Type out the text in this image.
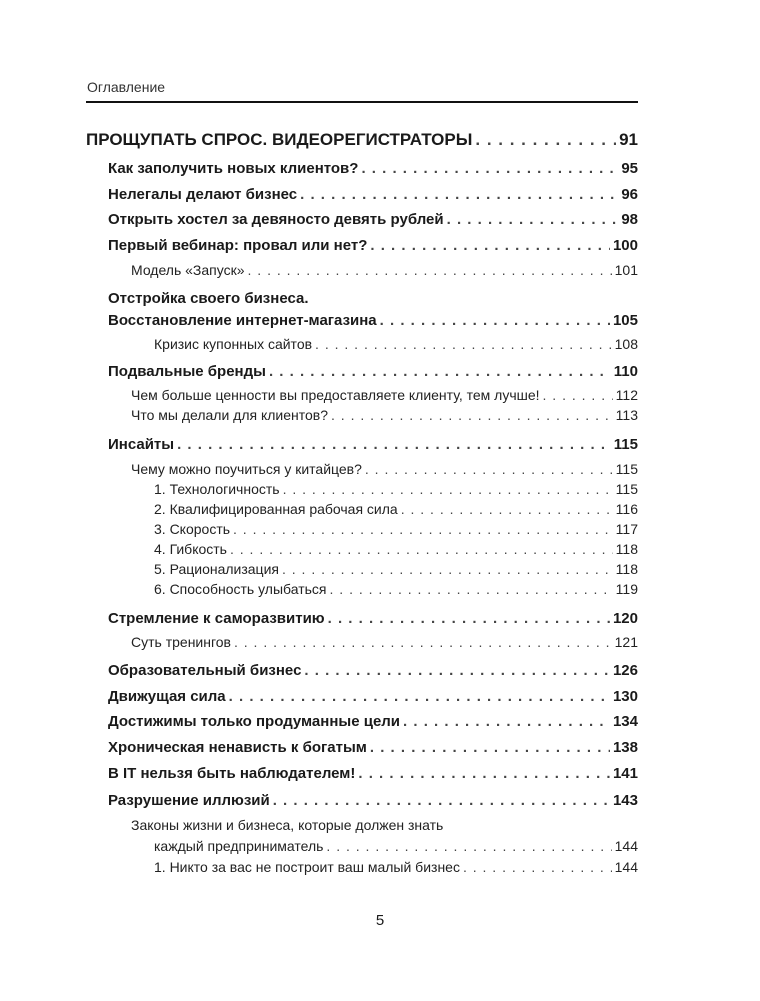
Оглавление
ПРОЩУПАТЬ СПРОС. ВИДЕОРЕГИСТРАТОРЫ . . .	91
Как заполучить новых клиентов? . . .	95
Нелегалы делают бизнес . . .	96
Открыть хостел за девяносто девять рублей . . .	98
Первый вебинар: провал или нет? . . .	100
Модель «Запуск» . . .	101
Отстройка своего бизнеса.
Восстановление интернет-магазина . . .	105
Кризис купонных сайтов . . .	108
Подвальные бренды . . .	110
Чем больше ценности вы предоставляете клиенту, тем лучше! . . .	112
Что мы делали для клиентов? . . .	113
Инсайты . . .	115
Чему можно поучиться у китайцев? . . .	115
1. Технологичность . . .	115
2. Квалифицированная рабочая сила . . .	116
3. Скорость . . .	117
4. Гибкость . . .	118
5. Рационализация . . .	118
6. Способность улыбаться . . .	119
Стремление к саморазвитию . . .	120
Суть тренингов . . .	121
Образовательный бизнес . . .	126
Движущая сила . . .	130
Достижимы только продуманные цели . . .	134
Хроническая ненависть к богатым . . .	138
В IT нельзя быть наблюдателем! . . .	141
Разрушение иллюзий . . .	143
Законы жизни и бизнеса, которые должен знать
каждый предприниматель . . .	144
1. Никто за вас не построит ваш малый бизнес . . .	144
5
